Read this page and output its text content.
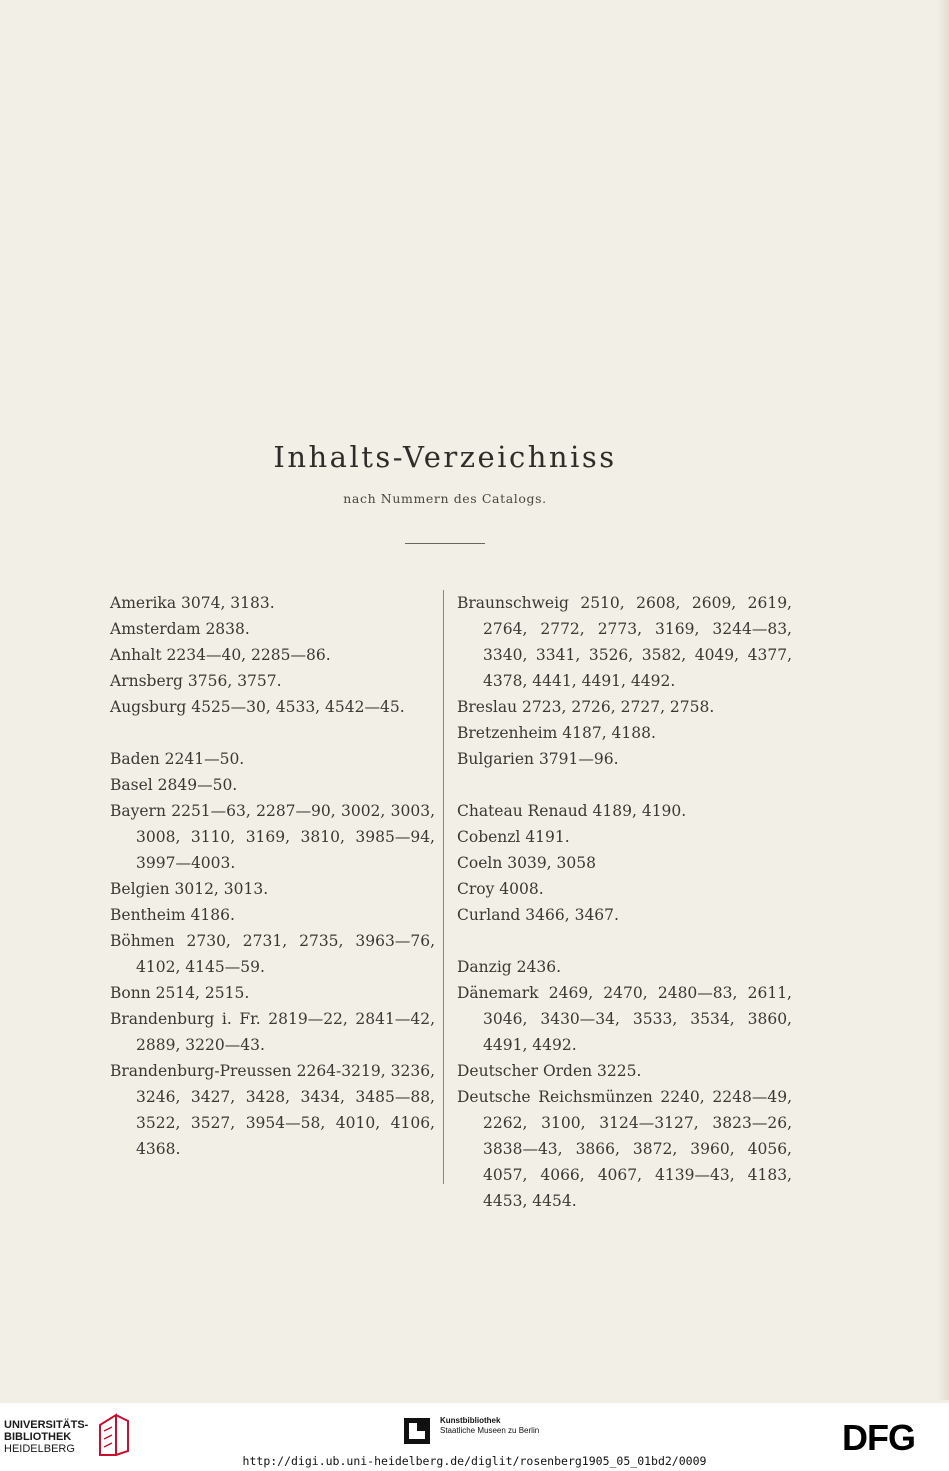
Inhalts-Verzeichniss
nach Nummern des Catalogs.
Amerika 3074, 3183.
Amsterdam 2838.
Anhalt 2234—40, 2285—86.
Arnsberg 3756, 3757.
Augsburg 4525—30, 4533, 4542—45.
Baden 2241—50.
Basel 2849—50.
Bayern 2251—63, 2287—90, 3002, 3003, 3008, 3110, 3169, 3810, 3985—94, 3997—4003.
Belgien 3012, 3013.
Bentheim 4186.
Böhmen 2730, 2731, 2735, 3963—76, 4102, 4145—59.
Bonn 2514, 2515.
Brandenburg i. Fr. 2819—22, 2841—42, 2889, 3220—43.
Brandenburg-Preussen 2264-3219, 3236, 3246, 3427, 3428, 3434, 3485—88, 3522, 3527, 3954—58, 4010, 4106, 4368.
Braunschweig 2510, 2608, 2609, 2619, 2764, 2772, 2773, 3169, 3244—83, 3340, 3341, 3526, 3582, 4049, 4377, 4378, 4441, 4491, 4492.
Breslau 2723, 2726, 2727, 2758.
Bretzenheim 4187, 4188.
Bulgarien 3791—96.
Chateau Renaud 4189, 4190.
Cobenzl 4191.
Coeln 3039, 3058
Croy 4008.
Curland 3466, 3467.
Danzig 2436.
Dänemark 2469, 2470, 2480—83, 2611, 3046, 3430—34, 3533, 3534, 3860, 4491, 4492.
Deutscher Orden 3225.
Deutsche Reichsmünzen 2240, 2248—49, 2262, 3100, 3124—3127, 3823—26, 3838—43, 3866, 3872, 3960, 4056, 4057, 4066, 4067, 4139—43, 4183, 4453, 4454.
UNIVERSITÄTS-
BIBLIOTHEK
HEIDELBERG
Kunstbibliothek
Staatliche Museen zu Berlin	DFG
http://digi.ub.uni-heidelberg.de/diglit/rosenberg1905_05_01bd2/0009
